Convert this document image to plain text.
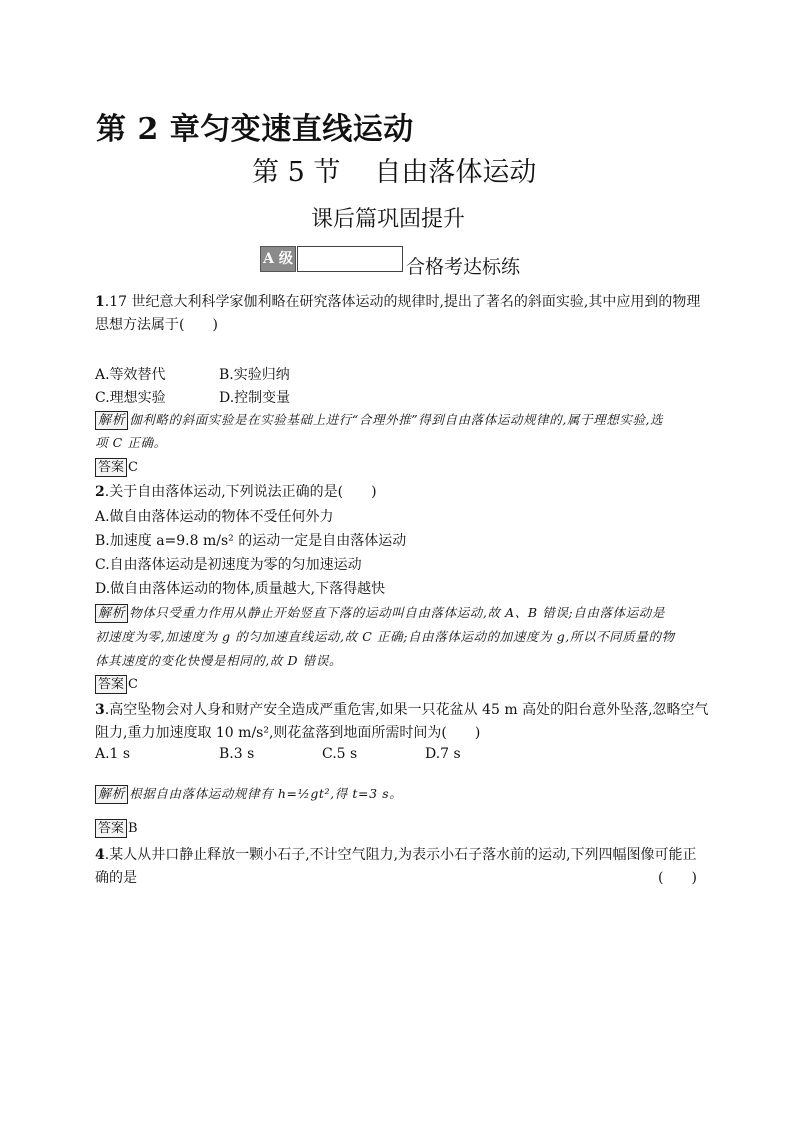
第 2 章匀变速直线运动
第 5 节 自由落体运动
课后篇巩固提升
A 级	合格考达标练
1.17 世纪意大利科学家伽利略在研究落体运动的规律时,提出了著名的斜面实验,其中应用到的物理
思想方法属于(　　)
A.等效替代	B.实验归纳
C.理想实验	D.控制变量
解析 伽利略的斜面实验是在实验基础上进行“合理外推”得到自由落体运动规律的,属于理想实验,选
项 C 正确。
答案 C
2.关于自由落体运动,下列说法正确的是(　　)
A.做自由落体运动的物体不受任何外力
B.加速度 a=9.8 m/s² 的运动一定是自由落体运动
C.自由落体运动是初速度为零的匀加速运动
D.做自由落体运动的物体,质量越大,下落得越快
解析 物体只受重力作用从静止开始竖直下落的运动叫自由落体运动,故 A、B 错误;自由落体运动是
初速度为零,加速度为 g 的匀加速直线运动,故 C 正确;自由落体运动的加速度为 g,所以不同质量的物
体其速度的变化快慢是相同的,故 D 错误。
答案 C
3.高空坠物会对人身和财产安全造成严重危害,如果一只花盆从 45 m 高处的阳台意外坠落,忽略空气
阻力,重力加速度取 10 m/s²,则花盆落到地面所需时间为(　　)
A.1 s	B.3 s	C.5 s	D.7 s
解析 根据自由落体运动规律有 h=½gt²,得 t=3 s。
答案 B
4.某人从井口静止释放一颗小石子,不计空气阻力,为表示小石子落水前的运动,下列四幅图像可能正
确的是	(　　)
